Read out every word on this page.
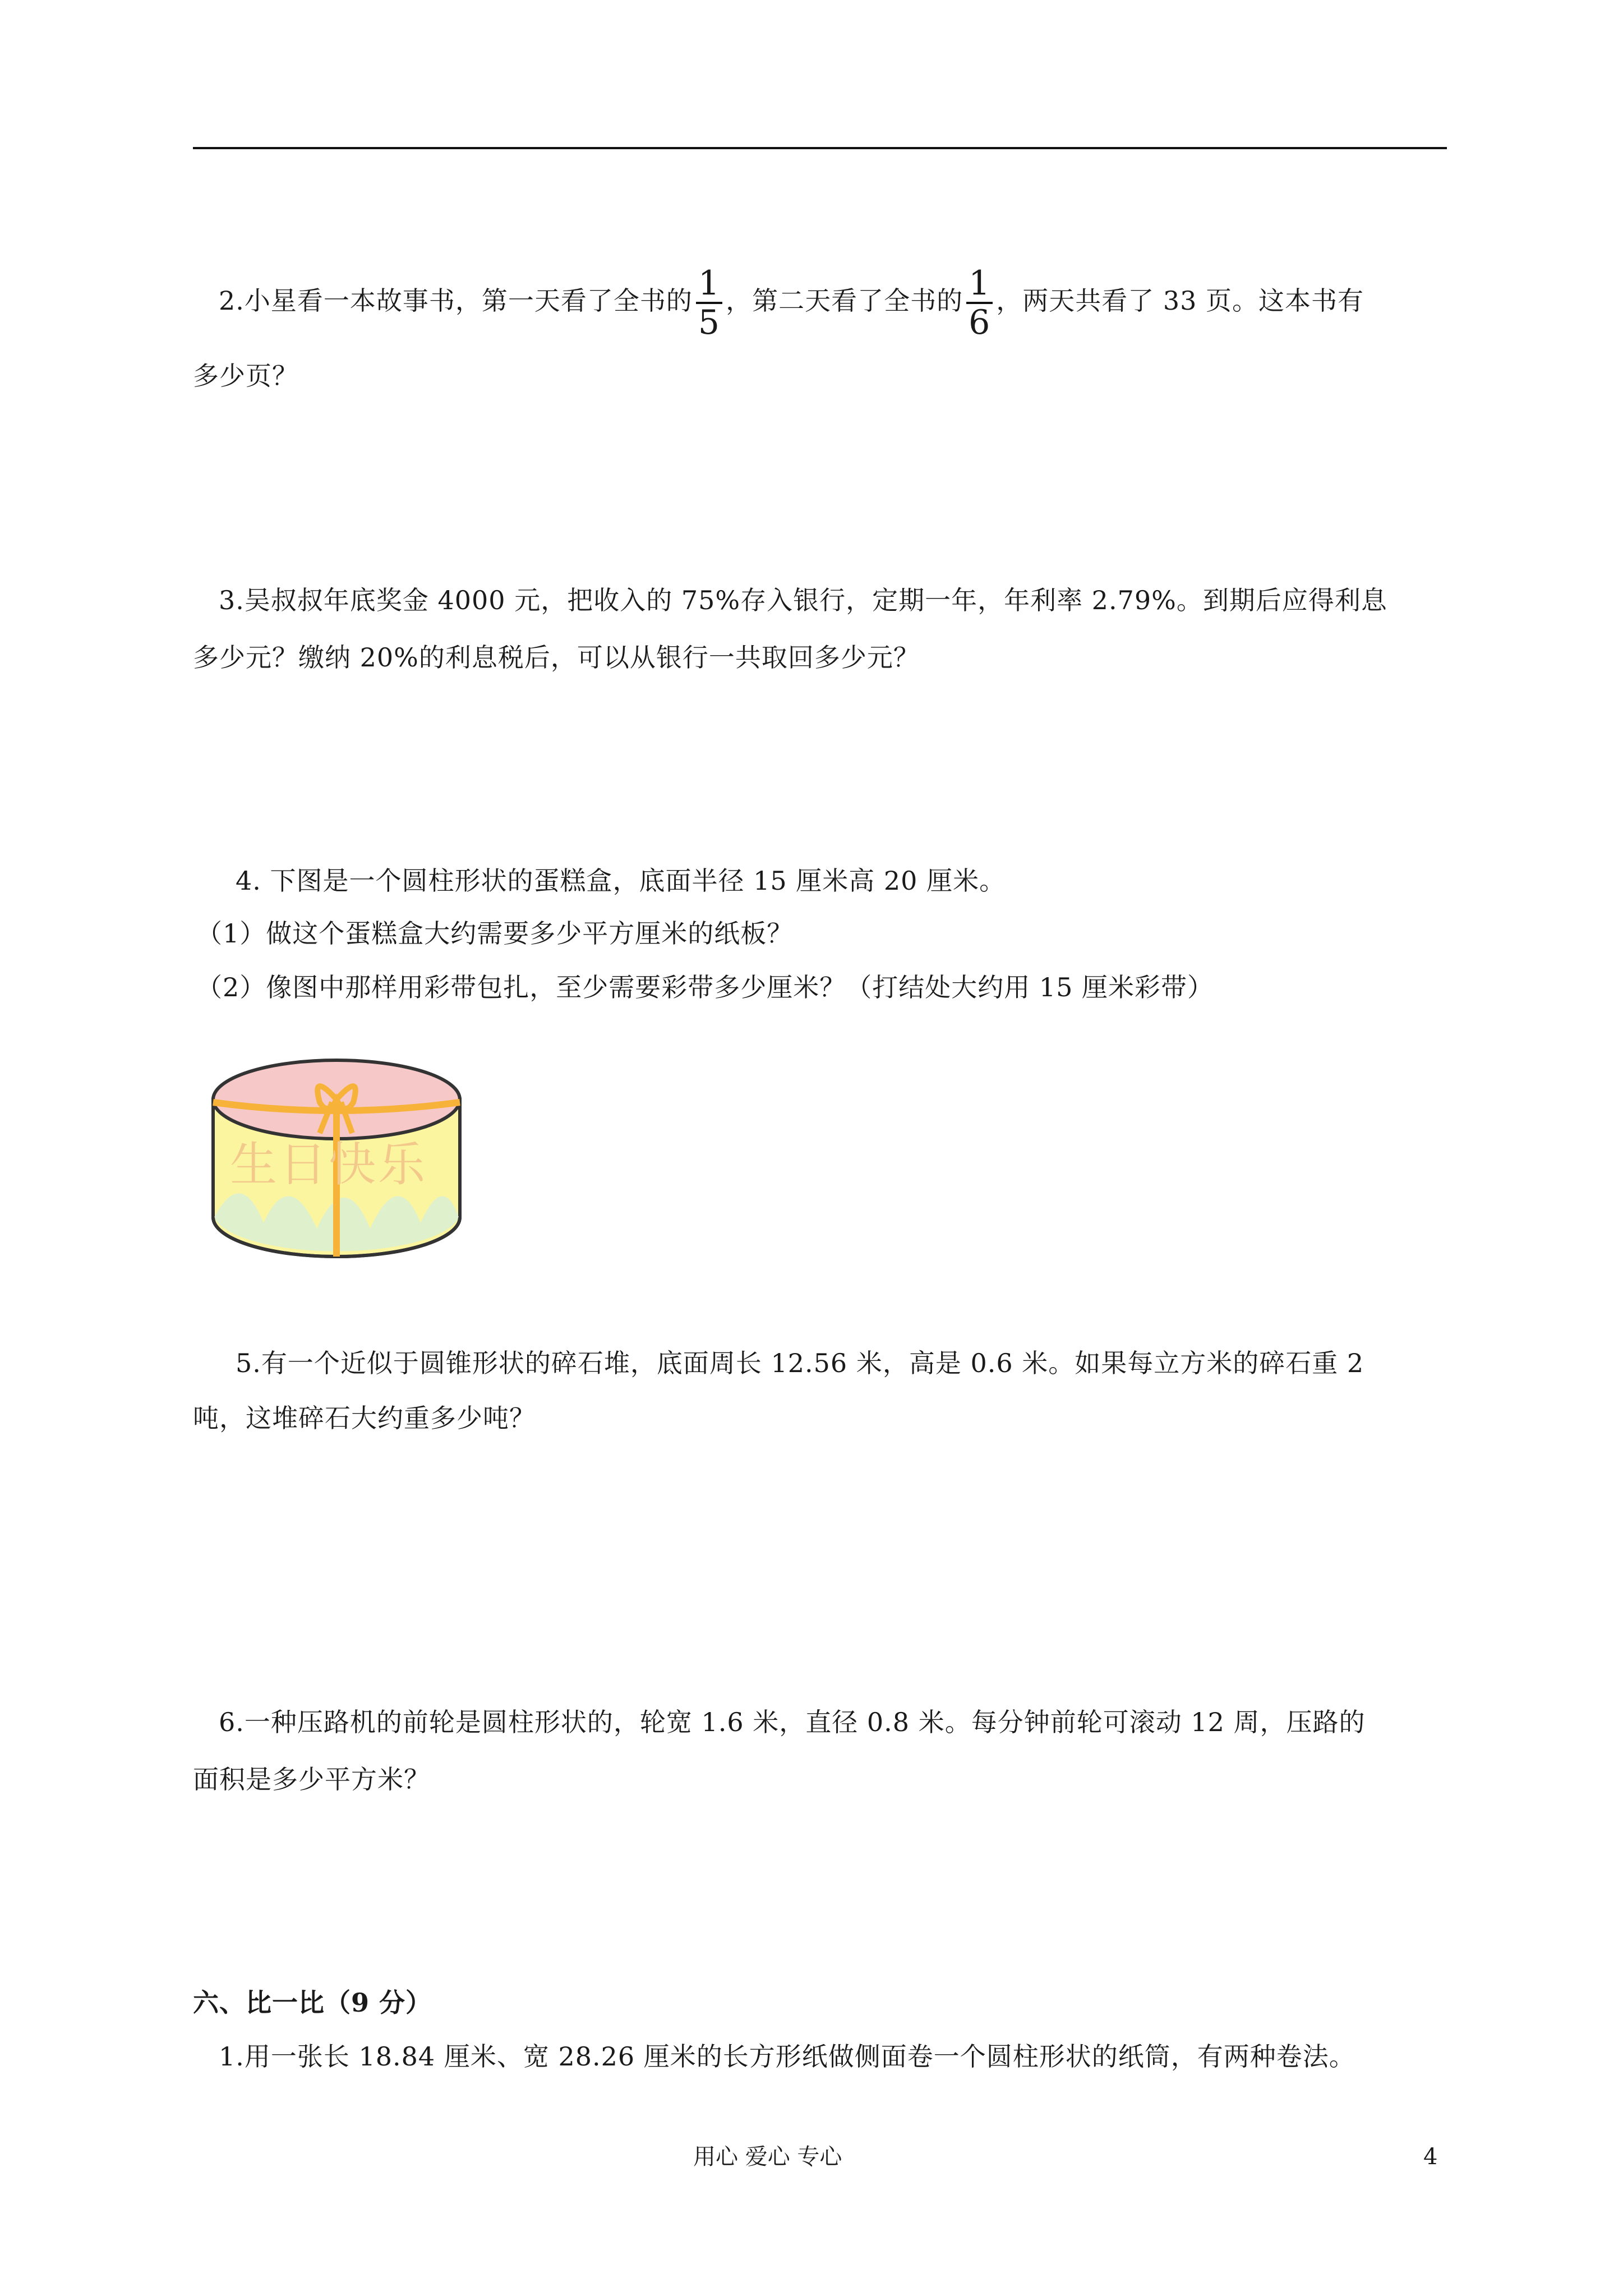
2.小星看一本故事书，第一天看了全书的 $\frac{1}{5}$ ，第二天看了全书的 $\frac{1}{6}$ ，两天共看了 33 页。这本书有
多少页？
3.吴叔叔年底奖金 4000 元，把收入的 75%存入银行，定期一年，年利率 2.79%。到期后应得利息
多少元？缴纳 20%的利息税后，可以从银行一共取回多少元？
4. 下图是一个圆柱形状的蛋糕盒，底面半径 15 厘米高 20 厘米。
（1）做这个蛋糕盒大约需要多少平方厘米的纸板？
（2）像图中那样用彩带包扎，至少需要彩带多少厘米？（打结处大约用 15 厘米彩带）
生日快乐
5.有一个近似于圆锥形状的碎石堆，底面周长 12.56 米，高是 0.6 米。如果每立方米的碎石重 2
吨，这堆碎石大约重多少吨？
6.一种压路机的前轮是圆柱形状的，轮宽 1.6 米，直径 0.8 米。每分钟前轮可滚动 12 周，压路的
面积是多少平方米？
六、比一比（9 分）
1.用一张长 18.84 厘米、宽 28.26 厘米的长方形纸做侧面卷一个圆柱形状的纸筒，有两种卷法。
用心 爱心 专心	4
